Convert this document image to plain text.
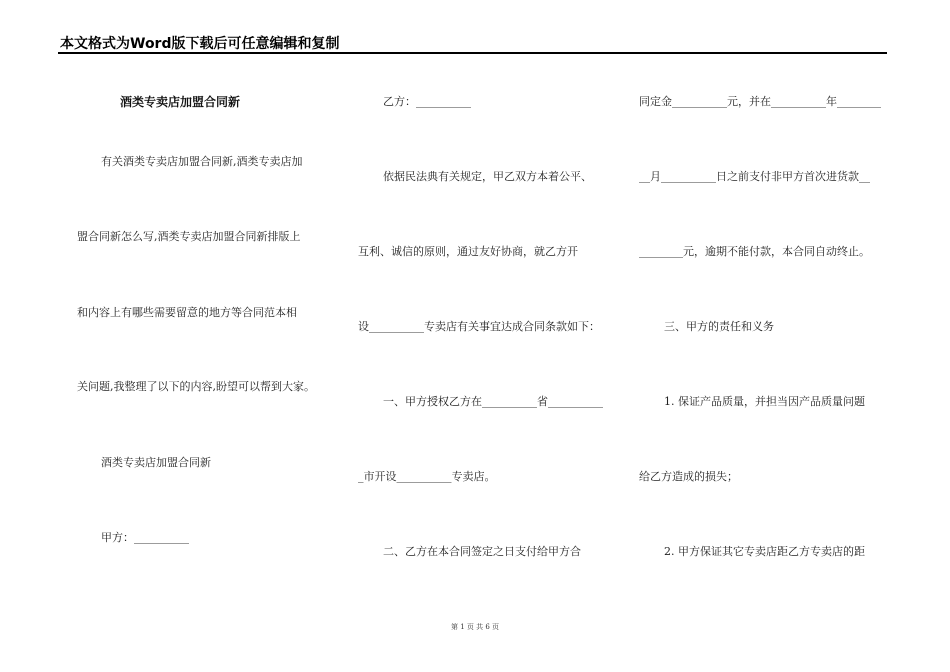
本文格式为Word版下载后可任意编辑和复制
酒类专卖店加盟合同新
有关酒类专卖店加盟合同新,酒类专卖店加
盟合同新怎么写,酒类专卖店加盟合同新排版上
和内容上有哪些需要留意的地方等合同范本相
关问题,我整理了以下的内容,盼望可以帮到大家。
酒类专卖店加盟合同新
甲方：__________
乙方：__________
依据民法典有关规定，甲乙双方本着公平、
互利、诚信的原则，通过友好协商，就乙方开
设__________专卖店有关事宜达成合同条款如下：
一、甲方授权乙方在__________省__________
_市开设__________专卖店。
二、乙方在本合同签定之日支付给甲方合
同定金__________元，并在__________年________
__月__________日之前支付非甲方首次进货款__
________元，逾期不能付款，本合同自动终止。
三、甲方的责任和义务
1. 保证产品质量，并担当因产品质量问题
给乙方造成的损失；
2. 甲方保证其它专卖店距乙方专卖店的距
第 1 页 共 6 页
